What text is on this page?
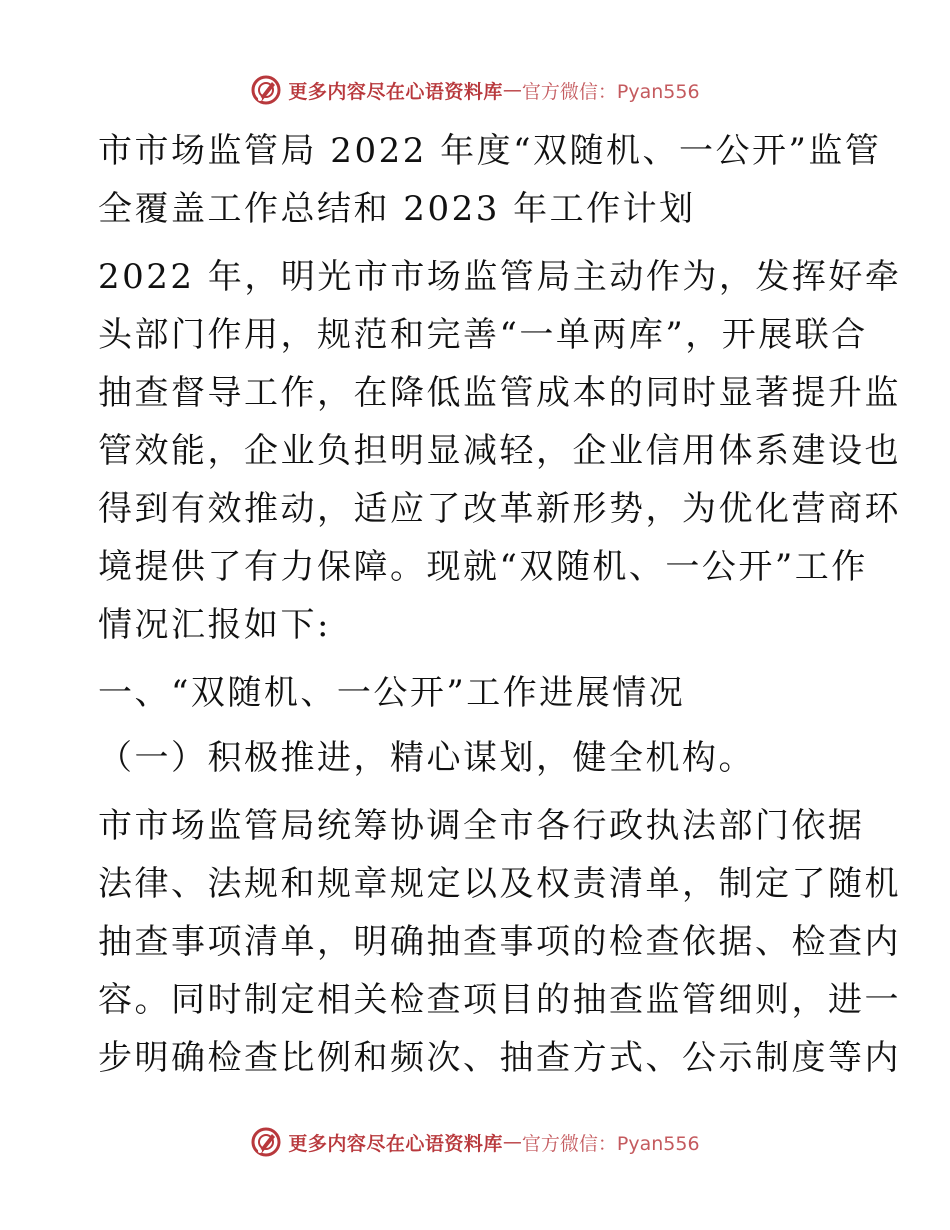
更多内容尽在心语资料库 — 官方微信：Pyan556
市市场监管局 2022 年度“双随机、一公开”监管
全覆盖工作总结和 2023 年工作计划
2022 年，明光市市场监管局主动作为，发挥好牵
头部门作用，规范和完善“一单两库”，开展联合
抽查督导工作，在降低监管成本的同时显著提升监
管效能，企业负担明显减轻，企业信用体系建设也
得到有效推动，适应了改革新形势，为优化营商环
境提供了有力保障。现就“双随机、一公开”工作
情况汇报如下:
一、“双随机、一公开”工作进展情况
（一）积极推进，精心谋划，健全机构。
市市场监管局统筹协调全市各行政执法部门依据
法律、法规和规章规定以及权责清单，制定了随机
抽查事项清单，明确抽查事项的检查依据、检查内
容。同时制定相关检查项目的抽查监管细则，进一
步明确检查比例和频次、抽查方式、公示制度等内
更多内容尽在心语资料库 — 官方微信：Pyan556
